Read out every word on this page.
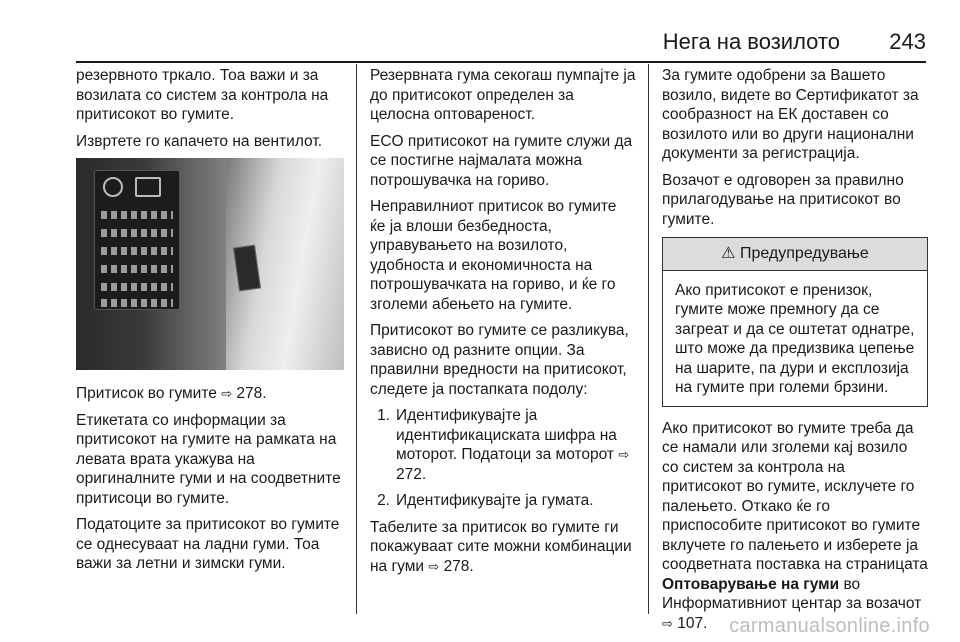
Нега на возилото 243

резервното тркало. Тоа важи и за возилата со систем за контрола на притисокот во гумите.

Извртете го капачето на вентилот.

Притисок во гумите ⇨ 278.

Етикетата со информации за притисокот на гумите на рамката на левата врата укажува на оригиналните гуми и на соодветните притисоци во гумите.

Податоците за притисокот во гумите се однесуваат на ладни гуми. Тоа важи за летни и зимски гуми.

Резервната гума секогаш пумпајте ја до притисокот определен за целосна оптовареност.

ECO притисокот на гумите служи да се постигне најмалата можна потрошувачка на гориво.

Неправилниот притисок во гумите ќе ја влоши безбедноста, управувањето на возилото, удобноста и економичноста на потрошувачката на гориво, и ќе го зголеми абењето на гумите.

Притисокот во гумите се разликува, зависно од разните опции. За правилни вредности на притисокот, следете ја постапката подолу:

1. Идентификувајте ја идентификациската шифра на моторот. Податоци за моторот ⇨ 272.
2. Идентификувајте ја гумата.

Табелите за притисок во гумите ги покажуваат сите можни комбинации на гуми ⇨ 278.

За гумите одобрени за Вашето возило, видете во Сертификатот за сообразност на ЕК доставен со возилото или во други национални документи за регистрација.

Возачот е одговорен за правилно прилагодување на притисокот во гумите.

⚠ Предупредување
Ако притисокот е пренизок, гумите може премногу да се загреат и да се оштетат однатре, што може да предизвика цепење на шарите, па дури и експлозија на гумите при големи брзини.

Ако притисокот во гумите треба да се намали или зголеми кај возило со систем за контрола на притисокот во гумите, исклучете го палењето. Откако ќе го приспособите притисокот во гумите вклучете го палењето и изберете ја соодветната поставка на страницата Оптоварување на гуми во Информативниот центар за возачот ⇨ 107.	carmanualsonline.info
